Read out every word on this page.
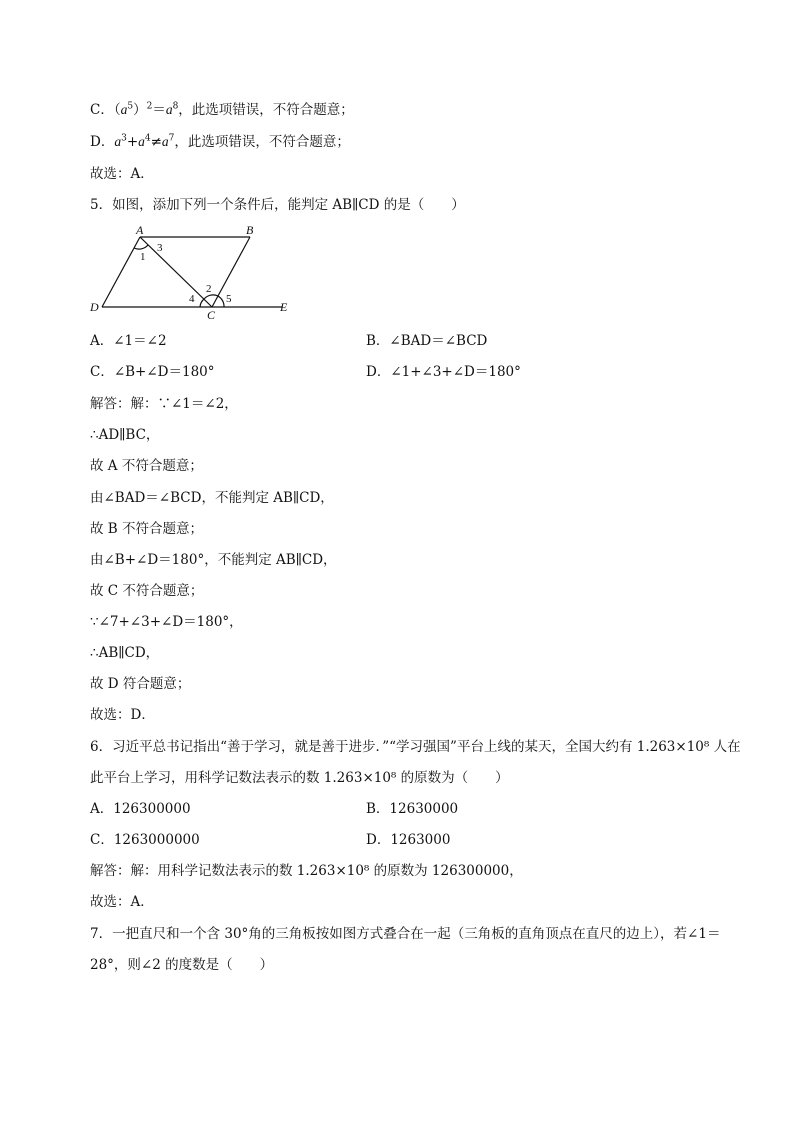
C．$(a^5)^2=a^8$，此选项错误，不符合题意；
D．$a^3+a^4\ne a^7$，此选项错误，不符合题意；
故选：A．
5．如图，添加下列一个条件后，能判定 AB∥CD 的是（　　）
A	B
D
C
E
1
3
2
4	5
A．∠1＝∠2	B．∠BAD＝∠BCD
C．∠B+∠D＝180°	D．∠1+∠3+∠D＝180°
解答：解：∵∠1＝∠2，
∴AD∥BC，
故 A 不符合题意；
由∠BAD＝∠BCD，不能判定 AB∥CD，
故 B 不符合题意；
由∠B+∠D＝180°，不能判定 AB∥CD，
故 C 不符合题意；
∵∠7+∠3+∠D＝180°，
∴AB∥CD，
故 D 符合题意；
故选：D．
6．习近平总书记指出“善于学习，就是善于进步．”“学习强国”平台上线的某天，全国大约有 1.263×10⁸ 人在
此平台上学习，用科学记数法表示的数 1.263×10⁸ 的原数为（　　）
A．126300000	B．12630000
C．1263000000	D．1263000
解答：解：用科学记数法表示的数 1.263×10⁸ 的原数为 126300000，
故选：A．
7．一把直尺和一个含 30°角的三角板按如图方式叠合在一起（三角板的直角顶点在直尺的边上），若∠1＝
28°，则∠2 的度数是（　　）
